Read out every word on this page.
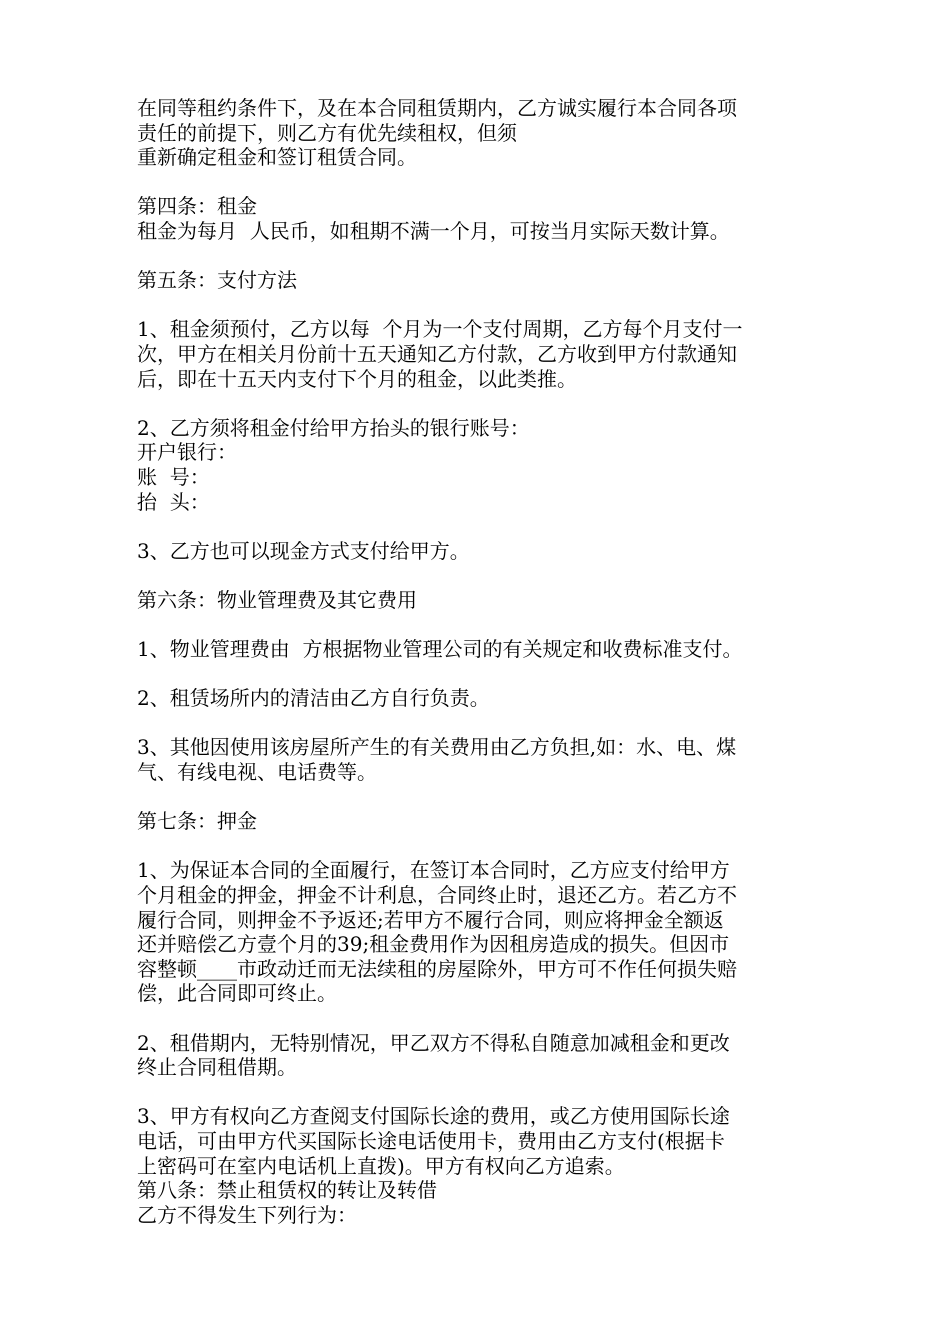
在同等租约条件下，及在本合同租赁期内，乙方诚实履行本合同各项
责任的前提下，则乙方有优先续租权，但须
重新确定租金和签订租赁合同。
第四条：租金
租金为每月  人民币，如租期不满一个月，可按当月实际天数计算。
第五条：支付方法
1、租金须预付，乙方以每  个月为一个支付周期，乙方每个月支付一
次，甲方在相关月份前十五天通知乙方付款，乙方收到甲方付款通知
后，即在十五天内支付下个月的租金，以此类推。
2、乙方须将租金付给甲方抬头的银行账号：
开户银行：
账  号：
抬  头：
3、乙方也可以现金方式支付给甲方。
第六条：物业管理费及其它费用
1、物业管理费由  方根据物业管理公司的有关规定和收费标准支付。
2、租赁场所内的清洁由乙方自行负责。
3、其他因使用该房屋所产生的有关费用由乙方负担,如：水、电、煤
气、有线电视、电话费等。
第七条：押金
1、为保证本合同的全面履行，在签订本合同时，乙方应支付给甲方
个月租金的押金，押金不计利息，合同终止时，退还乙方。若乙方不
履行合同，则押金不予返还;若甲方不履行合同，则应将押金全额返
还并赔偿乙方壹个月的39;租金费用作为因租房造成的损失。但因市
容整顿____市政动迁而无法续租的房屋除外，甲方可不作任何损失赔
偿，此合同即可终止。
2、租借期内，无特别情况，甲乙双方不得私自随意加减租金和更改
终止合同租借期。
3、甲方有权向乙方查阅支付国际长途的费用，或乙方使用国际长途
电话，可由甲方代买国际长途电话使用卡，费用由乙方支付(根据卡
上密码可在室内电话机上直拨)。甲方有权向乙方追索。
第八条：禁止租赁权的转让及转借
乙方不得发生下列行为：
